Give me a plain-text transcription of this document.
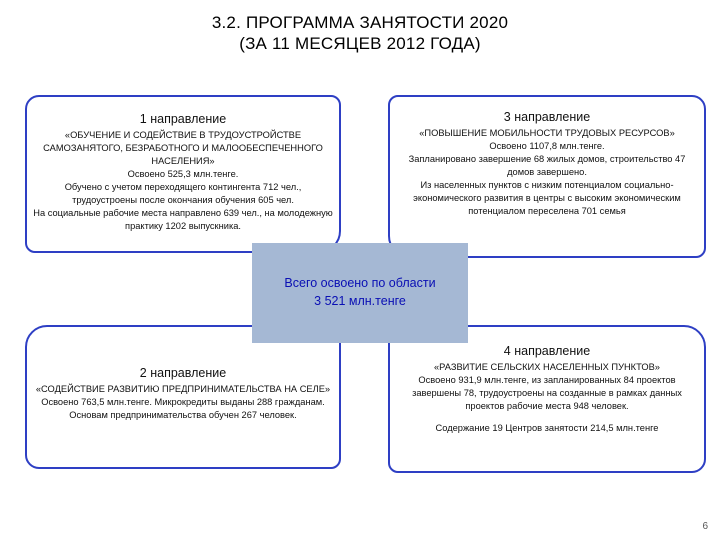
3.2. ПРОГРАММА ЗАНЯТОСТИ 2020
(ЗА 11 МЕСЯЦЕВ 2012 ГОДА)
1 направление

«ОБУЧЕНИЕ И СОДЕЙСТВИЕ В ТРУДОУСТРОЙСТВЕ САМОЗАНЯТОГО, БЕЗРАБОТНОГО И МАЛООБЕСПЕЧЕННОГО НАСЕЛЕНИЯ»

Освоено 525,3 млн.тенге.

Обучено с учетом переходящего контингента 712 чел., трудоустроены после окончания обучения 605 чел.

На социальные рабочие места направлено 639 чел., на молодежную практику 1202 выпускника.

3 направление

«ПОВЫШЕНИЕ МОБИЛЬНОСТИ ТРУДОВЫХ РЕСУРСОВ»

Освоено 1107,8 млн.тенге.

Запланировано завершение 68 жилых домов, строительство 47 домов завершено.

Из населенных пунктов с низким потенциалом социально-экономического развития в центры с высоким экономическим потенциалом переселена 701 семья

2 направление

«СОДЕЙСТВИЕ РАЗВИТИЮ ПРЕДПРИНИМАТЕЛЬСТВА НА СЕЛЕ»

Освоено 763,5 млн.тенге. Микрокредиты выданы 288 гражданам.

Основам предпринимательства обучен 267 человек.

4 направление

«РАЗВИТИЕ СЕЛЬСКИХ НАСЕЛЕННЫХ ПУНКТОВ»

Освоено 931,9 млн.тенге, из запланированных 84 проектов завершены 78, трудоустроены на созданные в рамках данных проектов рабочие места 948 человек.

Содержание 19 Центров занятости 214,5 млн.тенге

Всего освоено по области
3 521 млн.тенге
6
